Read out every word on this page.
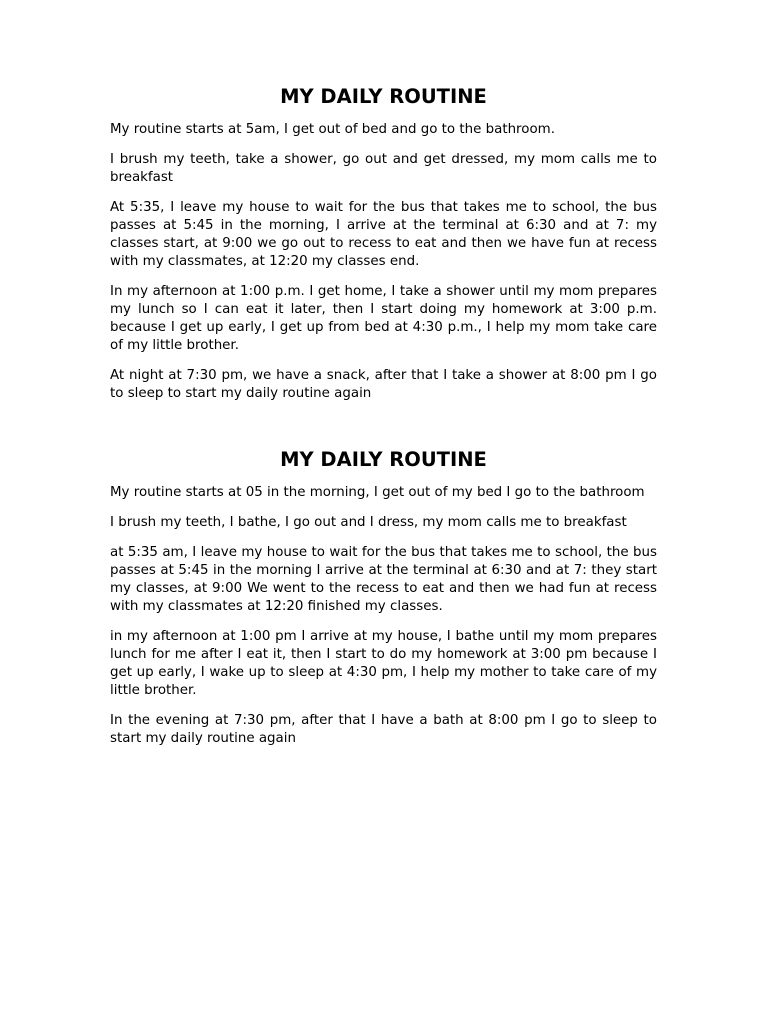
MY DAILY ROUTINE

My routine starts at 5am, I get out of bed and go to the bathroom.

I brush my teeth, take a shower, go out and get dressed, my mom calls me to breakfast

At 5:35, I leave my house to wait for the bus that takes me to school, the bus passes at 5:45 in the morning, I arrive at the terminal at 6:30 and at 7: my classes start, at 9:00 we go out to recess to eat and then we have fun at recess with my classmates, at 12:20 my classes end.

In my afternoon at 1:00 p.m. I get home, I take a shower until my mom prepares my lunch so I can eat it later, then I start doing my homework at 3:00 p.m. because I get up early, I get up from bed at 4:30 p.m., I help my mom take care of my little brother.

At night at 7:30 pm, we have a snack, after that I take a shower at 8:00 pm I go to sleep to start my daily routine again

MY DAILY ROUTINE

My routine starts at 05 in the morning, I get out of my bed I go to the bathroom

I brush my teeth, I bathe, I go out and I dress, my mom calls me to breakfast

at 5:35 am, I leave my house to wait for the bus that takes me to school, the bus passes at 5:45 in the morning I arrive at the terminal at 6:30 and at 7: they start my classes, at 9:00 We went to the recess to eat and then we had fun at recess with my classmates at 12:20 finished my classes.

in my afternoon at 1:00 pm I arrive at my house, I bathe until my mom prepares lunch for me after I eat it, then I start to do my homework at 3:00 pm because I get up early, I wake up to sleep at 4:30 pm, I help my mother to take care of my little brother.

In the evening at 7:30 pm, after that I have a bath at 8:00 pm I go to sleep to start my daily routine again
